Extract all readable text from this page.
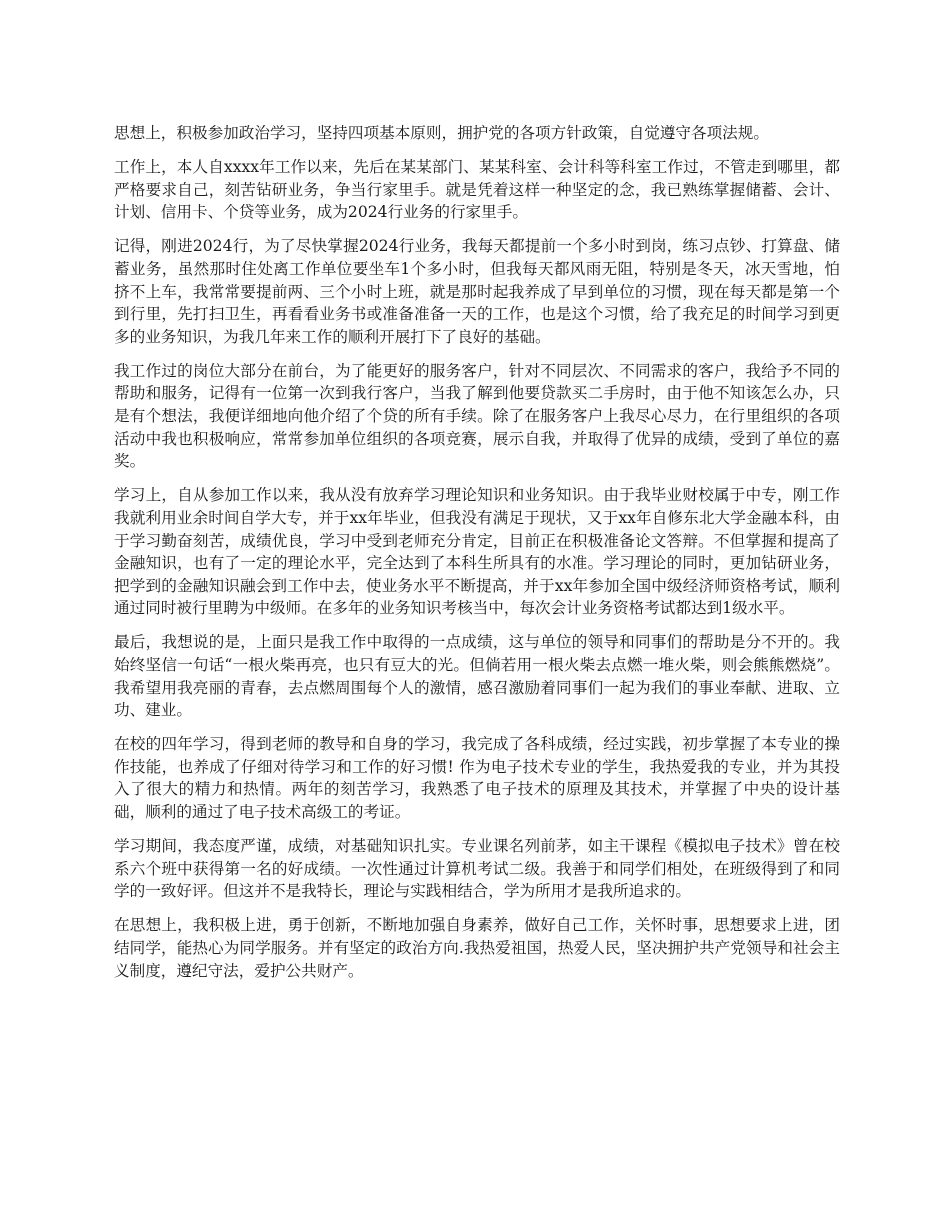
思想上，积极参加政治学习，坚持四项基本原则，拥护党的各项方针政策，自觉遵守各项法规。

工作上，本人自xxxx年工作以来，先后在某某部门、某某科室、会计科等科室工作过，不管走到哪里，都严格要求自己，刻苦钻研业务，争当行家里手。就是凭着这样一种坚定的念，我已熟练掌握储蓄、会计、计划、信用卡、个贷等业务，成为2024行业务的行家里手。

记得，刚进2024行，为了尽快掌握2024行业务，我每天都提前一个多小时到岗，练习点钞、打算盘、储蓄业务，虽然那时住处离工作单位要坐车1个多小时，但我每天都风雨无阻，特别是冬天，冰天雪地，怕挤不上车，我常常要提前两、三个小时上班，就是那时起我养成了早到单位的习惯，现在每天都是第一个到行里，先打扫卫生，再看看业务书或准备准备一天的工作，也是这个习惯，给了我充足的时间学习到更多的业务知识，为我几年来工作的顺利开展打下了良好的基础。

我工作过的岗位大部分在前台，为了能更好的服务客户，针对不同层次、不同需求的客户，我给予不同的帮助和服务，记得有一位第一次到我行客户，当我了解到他要贷款买二手房时，由于他不知该怎么办，只是有个想法，我便详细地向他介绍了个贷的所有手续。除了在服务客户上我尽心尽力，在行里组织的各项活动中我也积极响应，常常参加单位组织的各项竞赛，展示自我，并取得了优异的成绩，受到了单位的嘉奖。

学习上，自从参加工作以来，我从没有放弃学习理论知识和业务知识。由于我毕业财校属于中专，刚工作我就利用业余时间自学大专，并于xx年毕业，但我没有满足于现状，又于xx年自修东北大学金融本科，由于学习勤奋刻苦，成绩优良，学习中受到老师充分肯定，目前正在积极准备论文答辩。不但掌握和提高了金融知识，也有了一定的理论水平，完全达到了本科生所具有的水准。学习理论的同时，更加钻研业务，把学到的金融知识融会到工作中去，使业务水平不断提高，并于xx年参加全国中级经济师资格考试，顺利通过同时被行里聘为中级师。在多年的业务知识考核当中，每次会计业务资格考试都达到1级水平。

最后，我想说的是，上面只是我工作中取得的一点成绩，这与单位的领导和同事们的帮助是分不开的。我始终坚信一句话“一根火柴再亮，也只有豆大的光。但倘若用一根火柴去点燃一堆火柴，则会熊熊燃烧”。我希望用我亮丽的青春，去点燃周围每个人的激情，感召激励着同事们一起为我们的事业奉献、进取、立功、建业。

在校的四年学习，得到老师的教导和自身的学习，我完成了各科成绩，经过实践，初步掌握了本专业的操作技能，也养成了仔细对待学习和工作的好习惯! 作为电子技术专业的学生，我热爱我的专业，并为其投入了很大的精力和热情。两年的刻苦学习，我熟悉了电子技术的原理及其技术，并掌握了中央的设计基础，顺利的通过了电子技术高级工的考证。

学习期间，我态度严谨，成绩，对基础知识扎实。专业课名列前茅，如主干课程《模拟电子技术》曾在校系六个班中获得第一名的好成绩。一次性通过计算机考试二级。我善于和同学们相处，在班级得到了和同学的一致好评。但这并不是我特长，理论与实践相结合，学为所用才是我所追求的。

在思想上，我积极上进，勇于创新，不断地加强自身素养，做好自己工作，关怀时事，思想要求上进，团结同学，能热心为同学服务。并有坚定的政治方向.我热爱祖国，热爱人民，坚决拥护共产党领导和社会主义制度，遵纪守法，爱护公共财产。
